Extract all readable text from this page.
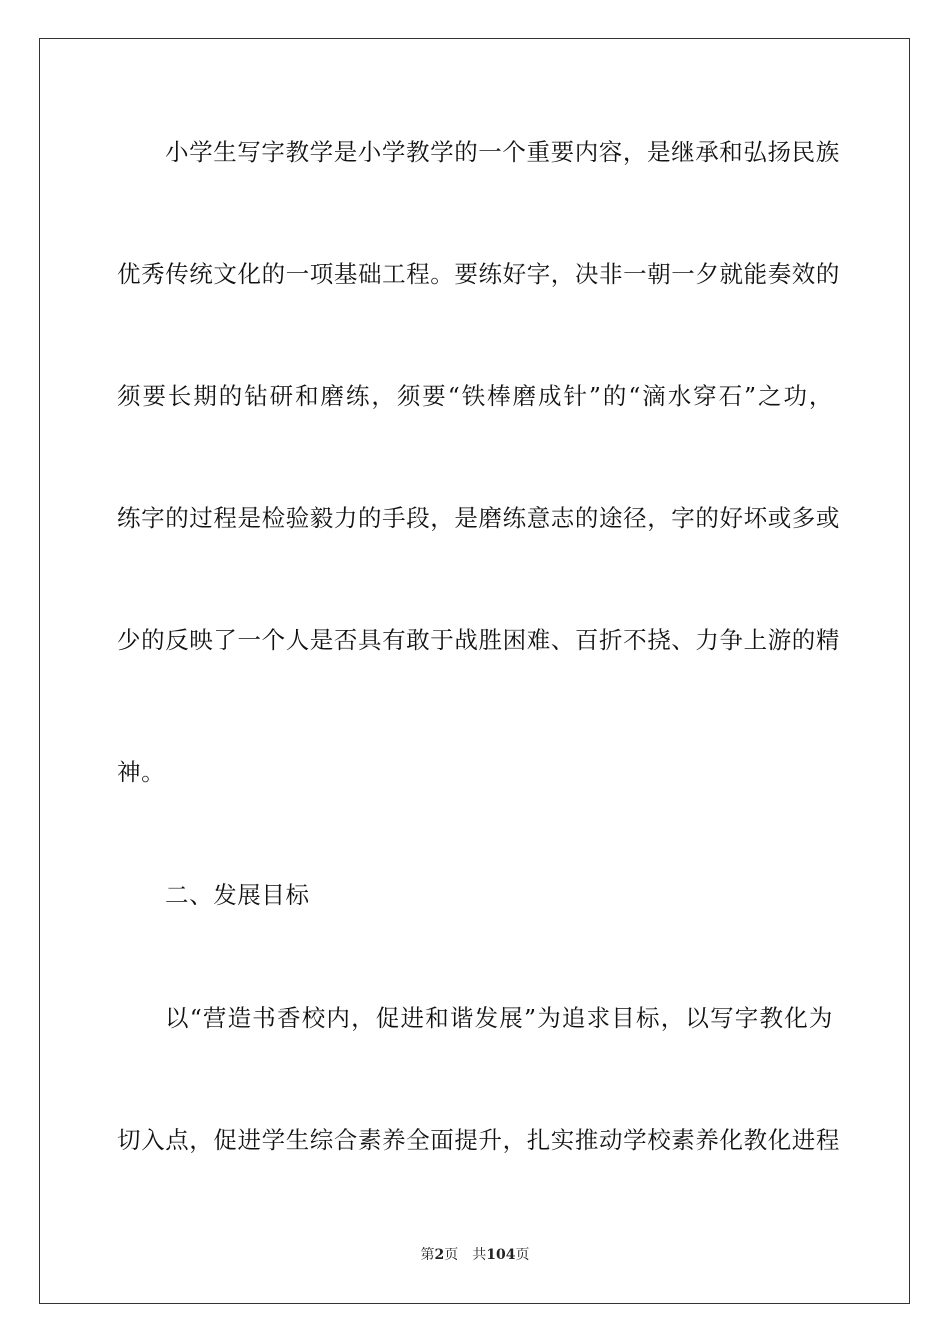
小学生写字教学是小学教学的一个重要内容，是继承和弘扬民族
优秀传统文化的一项基础工程。要练好字，决非一朝一夕就能奏效的
须要长期的钻研和磨练，须要“铁棒磨成针”的“滴水穿石”之功，
练字的过程是检验毅力的手段，是磨练意志的途径，字的好坏或多或
少的反映了一个人是否具有敢于战胜困难、百折不挠、力争上游的精
神。
二、发展目标
以“营造书香校内，促进和谐发展”为追求目标，以写字教化为
切入点，促进学生综合素养全面提升，扎实推动学校素养化教化进程
第2页 共104页
